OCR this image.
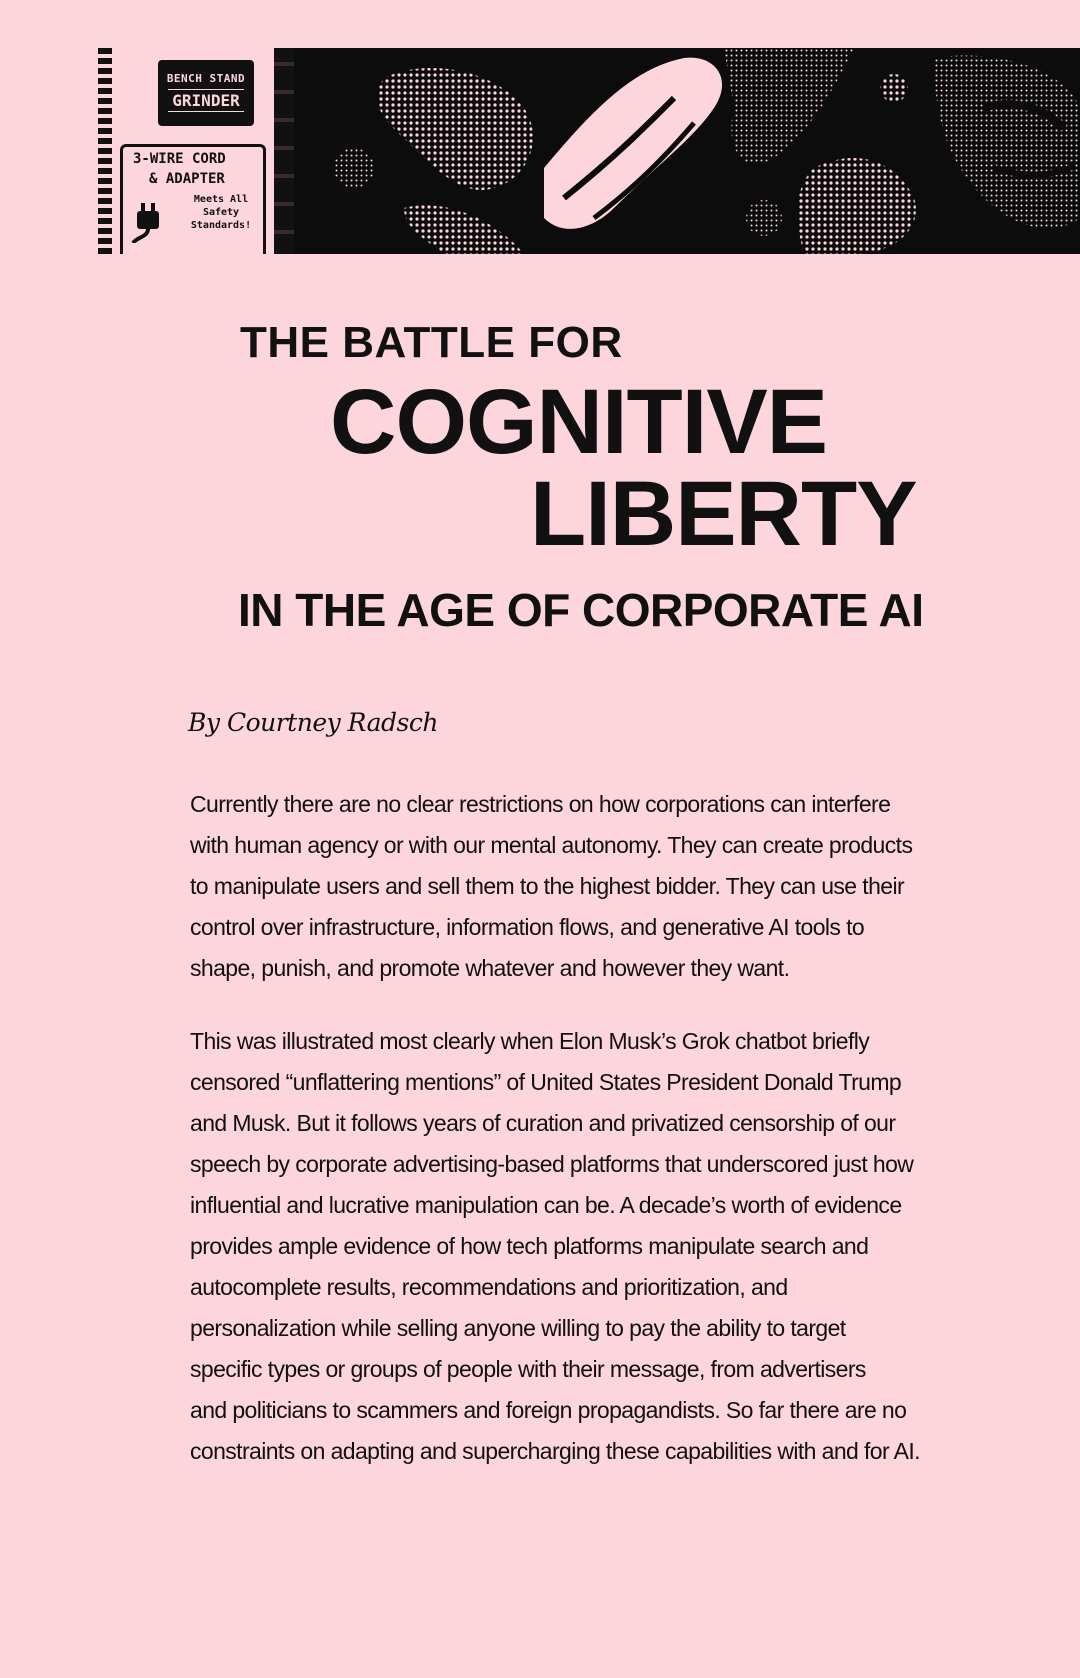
BENCH STAND
GRINDER
3-WIRE CORD
& ADAPTER
Meets All
Safety
Standards!
THE BATTLE FOR
COGNITIVE
LIBERTY
IN THE AGE OF CORPORATE AI
By Courtney Radsch
Currently there are no clear restrictions on how corporations can interfere
with human agency or with our mental autonomy. They can create products
to manipulate users and sell them to the highest bidder. They can use their
control over infrastructure, information flows, and generative AI tools to
shape, punish, and promote whatever and however they want.
This was illustrated most clearly when Elon Musk’s Grok chatbot briefly
censored “unflattering mentions” of United States President Donald Trump
and Musk. But it follows years of curation and privatized censorship of our
speech by corporate advertising-based platforms that underscored just how
influential and lucrative manipulation can be. A decade’s worth of evidence
provides ample evidence of how tech platforms manipulate search and
autocomplete results, recommendations and prioritization, and
personalization while selling anyone willing to pay the ability to target
specific types or groups of people with their message, from advertisers
and politicians to scammers and foreign propagandists. So far there are no
constraints on adapting and supercharging these capabilities with and for AI.
